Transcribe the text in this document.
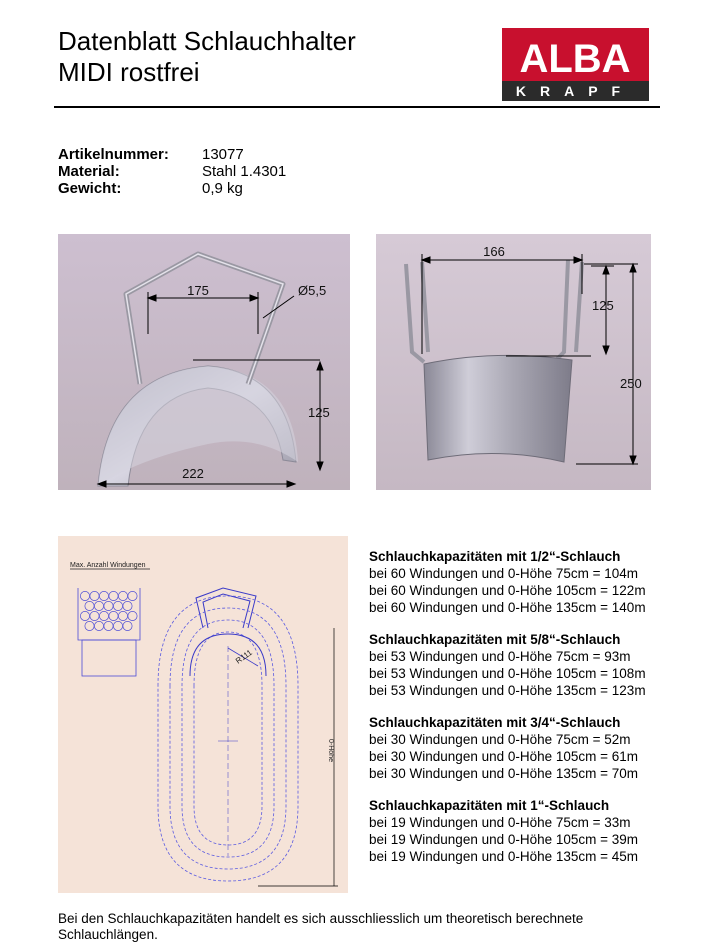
Datenblatt Schlauchhalter
MIDI rostfrei	ALBA
KRAPF
Artikelnummer: 13077
Material:	Stahl 1.4301
Gewicht:	0,9 kg
175	Ø5,5
125
222
166
125
250
Max. Anzahl Windungen
R111
0-Höhe
Schlauchkapazitäten mit 1/2“-Schlauch
bei 60 Windungen und 0-Höhe 75cm = 104m
bei 60 Windungen und 0-Höhe 105cm = 122m
bei 60 Windungen und 0-Höhe 135cm = 140m
Schlauchkapazitäten mit 5/8“-Schlauch
bei 53 Windungen und 0-Höhe 75cm = 93m
bei 53 Windungen und 0-Höhe 105cm = 108m
bei 53 Windungen und 0-Höhe 135cm = 123m
Schlauchkapazitäten mit 3/4“-Schlauch
bei 30 Windungen und 0-Höhe 75cm = 52m
bei 30 Windungen und 0-Höhe 105cm = 61m
bei 30 Windungen und 0-Höhe 135cm = 70m
Schlauchkapazitäten mit 1“-Schlauch
bei 19 Windungen und 0-Höhe 75cm = 33m
bei 19 Windungen und 0-Höhe 105cm = 39m
bei 19 Windungen und 0-Höhe 135cm = 45m
Bei den Schlauchkapazitäten handelt es sich ausschliesslich um theoretisch berechnete
Schlauchlängen.
